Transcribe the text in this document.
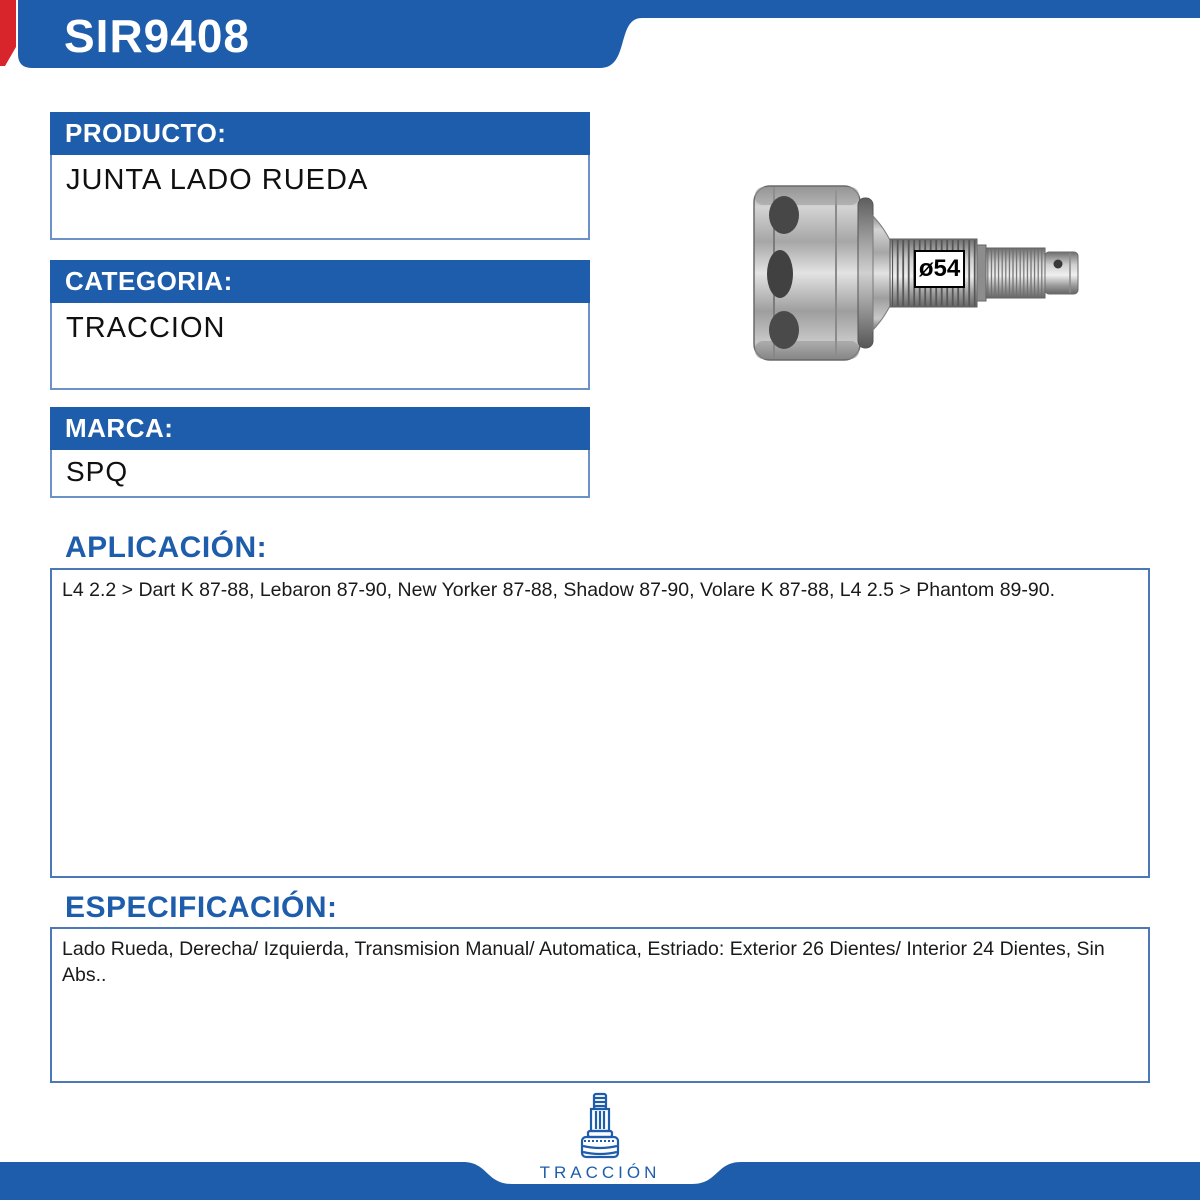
SIR9408
PRODUCTO:
JUNTA LADO RUEDA
CATEGORIA:
TRACCION
MARCA:
SPQ
ø54
APLICACIÓN:
L4 2.2 > Dart K 87-88, Lebaron 87-90, New Yorker 87-88, Shadow 87-90, Volare K 87-88, L4 2.5 > Phantom 89-90.
ESPECIFICACIÓN:
Lado Rueda, Derecha/ Izquierda, Transmision Manual/ Automatica, Estriado: Exterior 26 Dientes/ Interior 24 Dientes, Sin Abs..
TRACCIÓN
